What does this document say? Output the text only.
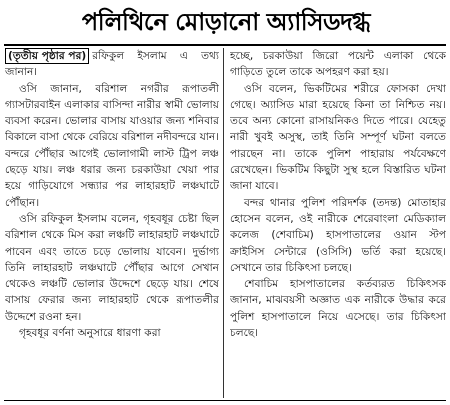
পলিথিনে মোড়ানো অ্যাসিডদগ্ধ

(তৃতীয় পৃষ্ঠার পর) রফিকুল ইসলাম এ তথ্য জানান।

ওসি জানান, বরিশাল নগরীর রূপাতলী গ্যাসটারবাইন এলাকার বাসিন্দা নারীর স্বামী ভোলায় ব্যবসা করেন। ভোলার বাসায় যাওয়ার জন্য শনিবার বিকালে বাসা থেকে বেরিয়ে বরিশাল নদীবন্দরে যান। বন্দরে পৌঁছার আগেই ভোলাগামী লাস্ট ট্রিপ লঞ্চ ছেড়ে যায়। লঞ্চ ধরার জন্য চরকাউয়া খেয়া পার হয়ে গাড়িযোগে সন্ধ্যার পর লাহারহাট লঞ্চঘাটে পৌঁছান।

ওসি রফিকুল ইসলাম বলেন, গৃহবধূর চেষ্টা ছিল বরিশাল থেকে মিস করা লঞ্চটি লাহারহাট লঞ্চঘাটে পাবেন এবং তাতে চড়ে ভোলায় যাবেন। দুর্ভাগ্য তিনি লাহারহাট লঞ্চঘাটে পৌঁছার আগে সেখান থেকেও লঞ্চটি ভোলার উদ্দেশে ছেড়ে যায়। শেষে বাসায় ফেরার জন্য লাহারহাট থেকে রূপাতলীর উদ্দেশে রওনা হন।

গৃহবধূর বর্ণনা অনুসারে ধারণা করা

হচ্ছে, চরকাউয়া জিরো পয়েন্ট এলাকা থেকে গাড়িতে তুলে তাকে অপহরণ করা হয়।

ওসি বলেন, ভিকটিমের শরীরে ফোসকা দেখা গেছে। অ্যাসিড মারা হয়েছে কিনা তা নিশ্চিত নয়। তবে অন্য কোনো রাসায়নিকও দিতে পারে। যেহেতু নারী খুবই অসুস্থ, তাই তিনি সম্পূর্ণ ঘটনা বলতে পারছেন না। তাকে পুলিশ পাহারায় পর্যবেক্ষণে রেখেছেন। ভিকটিম কিছুটা সুস্থ হলে বিস্তারিত ঘটনা জানা যাবে।

বন্দর থানার পুলিশ পরিদর্শক (তদন্ত) মোতাহার হোসেন বলেন, ওই নারীকে শেরেবাংলা মেডিক্যাল কলেজ (শেবাচিম) হাসপাতালের ওয়ান স্টপ ক্রাইসিস সেন্টারে (ওসিসি) ভর্তি করা হয়েছে। সেখানে তার চিকিৎসা চলছে।

শেবাচিম হাসপাতালের কর্তব্যরত চিকিৎসক জানান, মাঝবয়সী অজ্ঞাত এক নারীকে উদ্ধার করে পুলিশ হাসপাতালে নিয়ে এসেছে। তার চিকিৎসা চলছে।
